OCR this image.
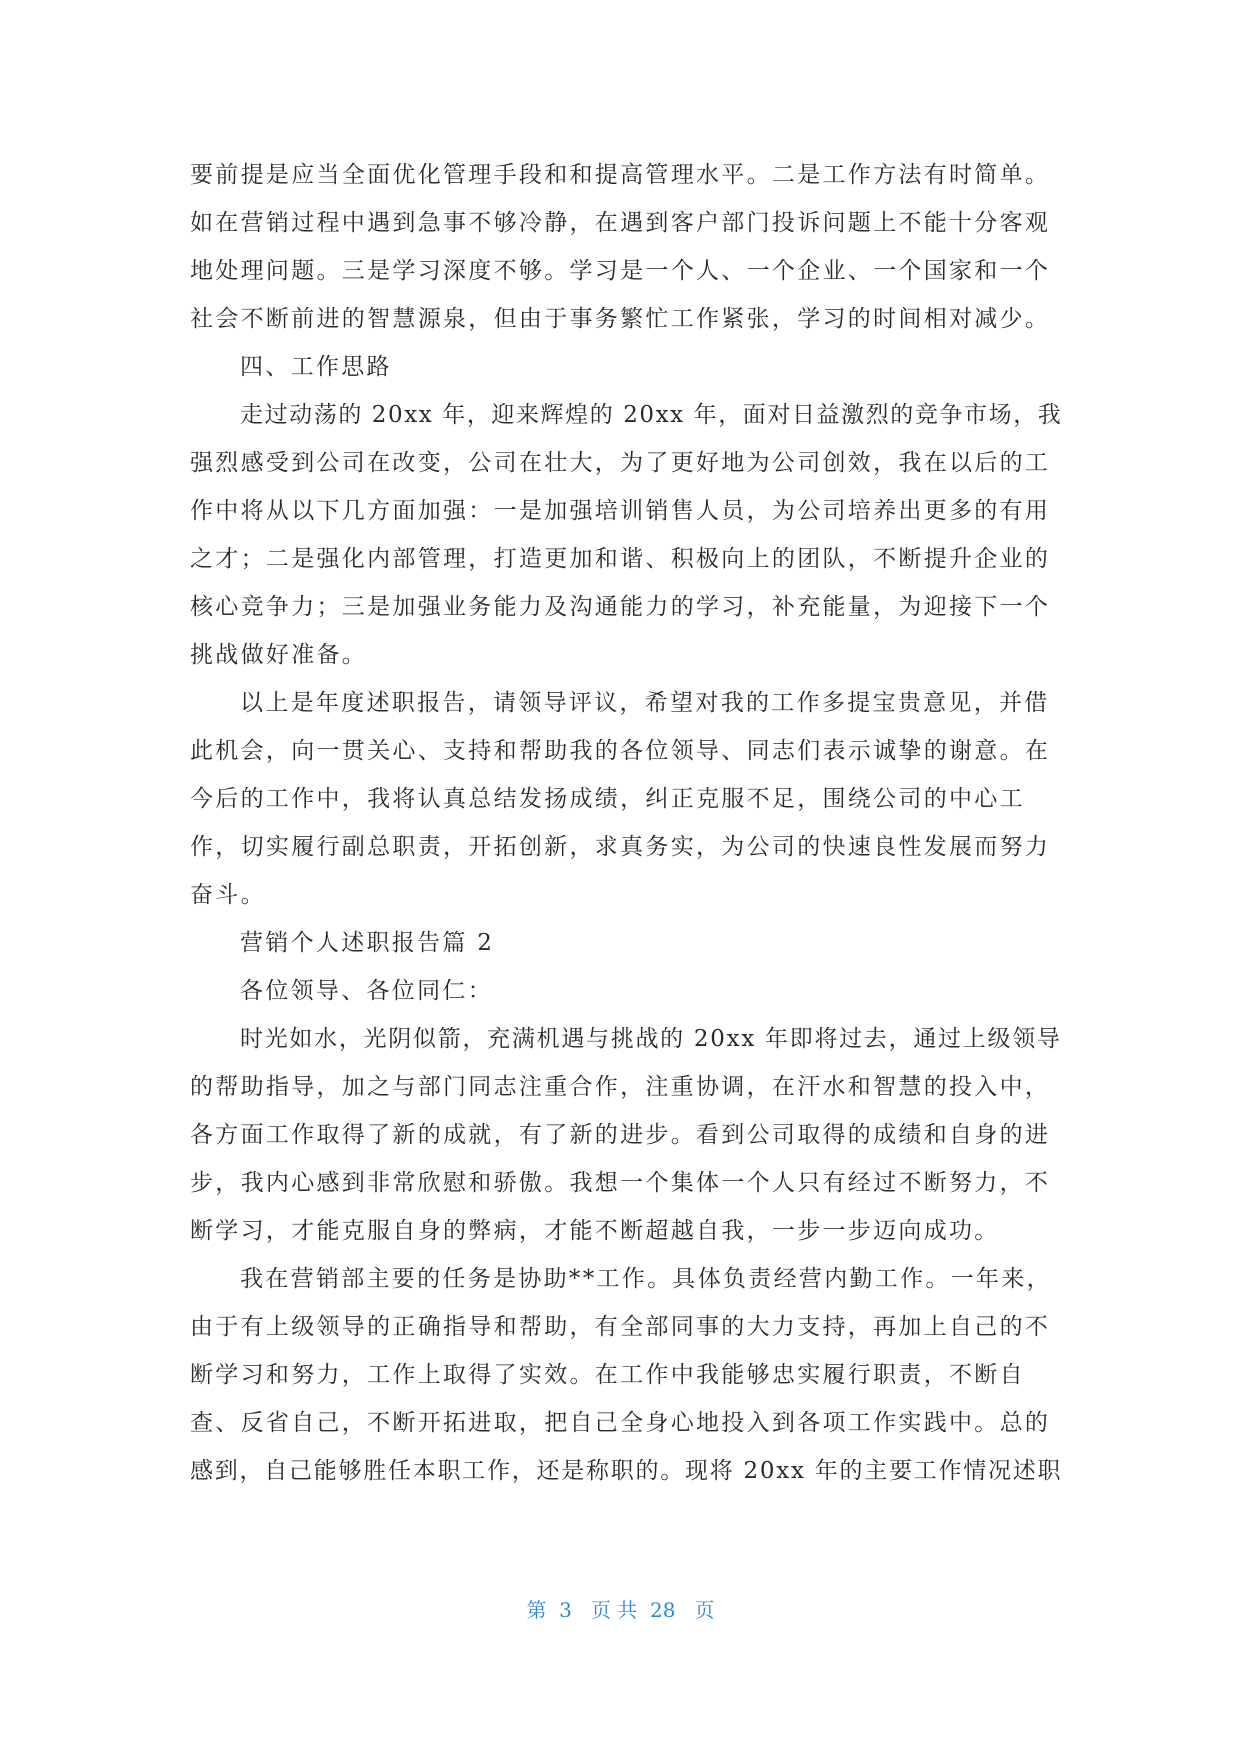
要前提是应当全面优化管理手段和和提高管理水平。二是工作方法有时简单。

如在营销过程中遇到急事不够冷静，在遇到客户部门投诉问题上不能十分客观

地处理问题。三是学习深度不够。学习是一个人、一个企业、一个国家和一个

社会不断前进的智慧源泉，但由于事务繁忙工作紧张，学习的时间相对减少。

四、工作思路

走过动荡的 20xx 年，迎来辉煌的 20xx 年，面对日益激烈的竞争市场，我

强烈感受到公司在改变，公司在壮大，为了更好地为公司创效，我在以后的工

作中将从以下几方面加强：一是加强培训销售人员，为公司培养出更多的有用

之才；二是强化内部管理，打造更加和谐、积极向上的团队，不断提升企业的

核心竞争力；三是加强业务能力及沟通能力的学习，补充能量，为迎接下一个

挑战做好准备。

以上是年度述职报告，请领导评议，希望对我的工作多提宝贵意见，并借

此机会，向一贯关心、支持和帮助我的各位领导、同志们表示诚挚的谢意。在

今后的工作中，我将认真总结发扬成绩，纠正克服不足，围绕公司的中心工

作，切实履行副总职责，开拓创新，求真务实，为公司的快速良性发展而努力

奋斗。

营销个人述职报告篇 2

各位领导、各位同仁：

时光如水，光阴似箭，充满机遇与挑战的 20xx 年即将过去，通过上级领导

的帮助指导，加之与部门同志注重合作，注重协调，在汗水和智慧的投入中，

各方面工作取得了新的成就，有了新的进步。看到公司取得的成绩和自身的进

步，我内心感到非常欣慰和骄傲。我想一个集体一个人只有经过不断努力，不

断学习，才能克服自身的弊病，才能不断超越自我，一步一步迈向成功。

我在营销部主要的任务是协助**工作。具体负责经营内勤工作。一年来，

由于有上级领导的正确指导和帮助，有全部同事的大力支持，再加上自己的不

断学习和努力，工作上取得了实效。在工作中我能够忠实履行职责，不断自

查、反省自己，不断开拓进取，把自己全身心地投入到各项工作实践中。总的

感到，自己能够胜任本职工作，还是称职的。现将 20xx 年的主要工作情况述职

第  3   页 共  28   页
